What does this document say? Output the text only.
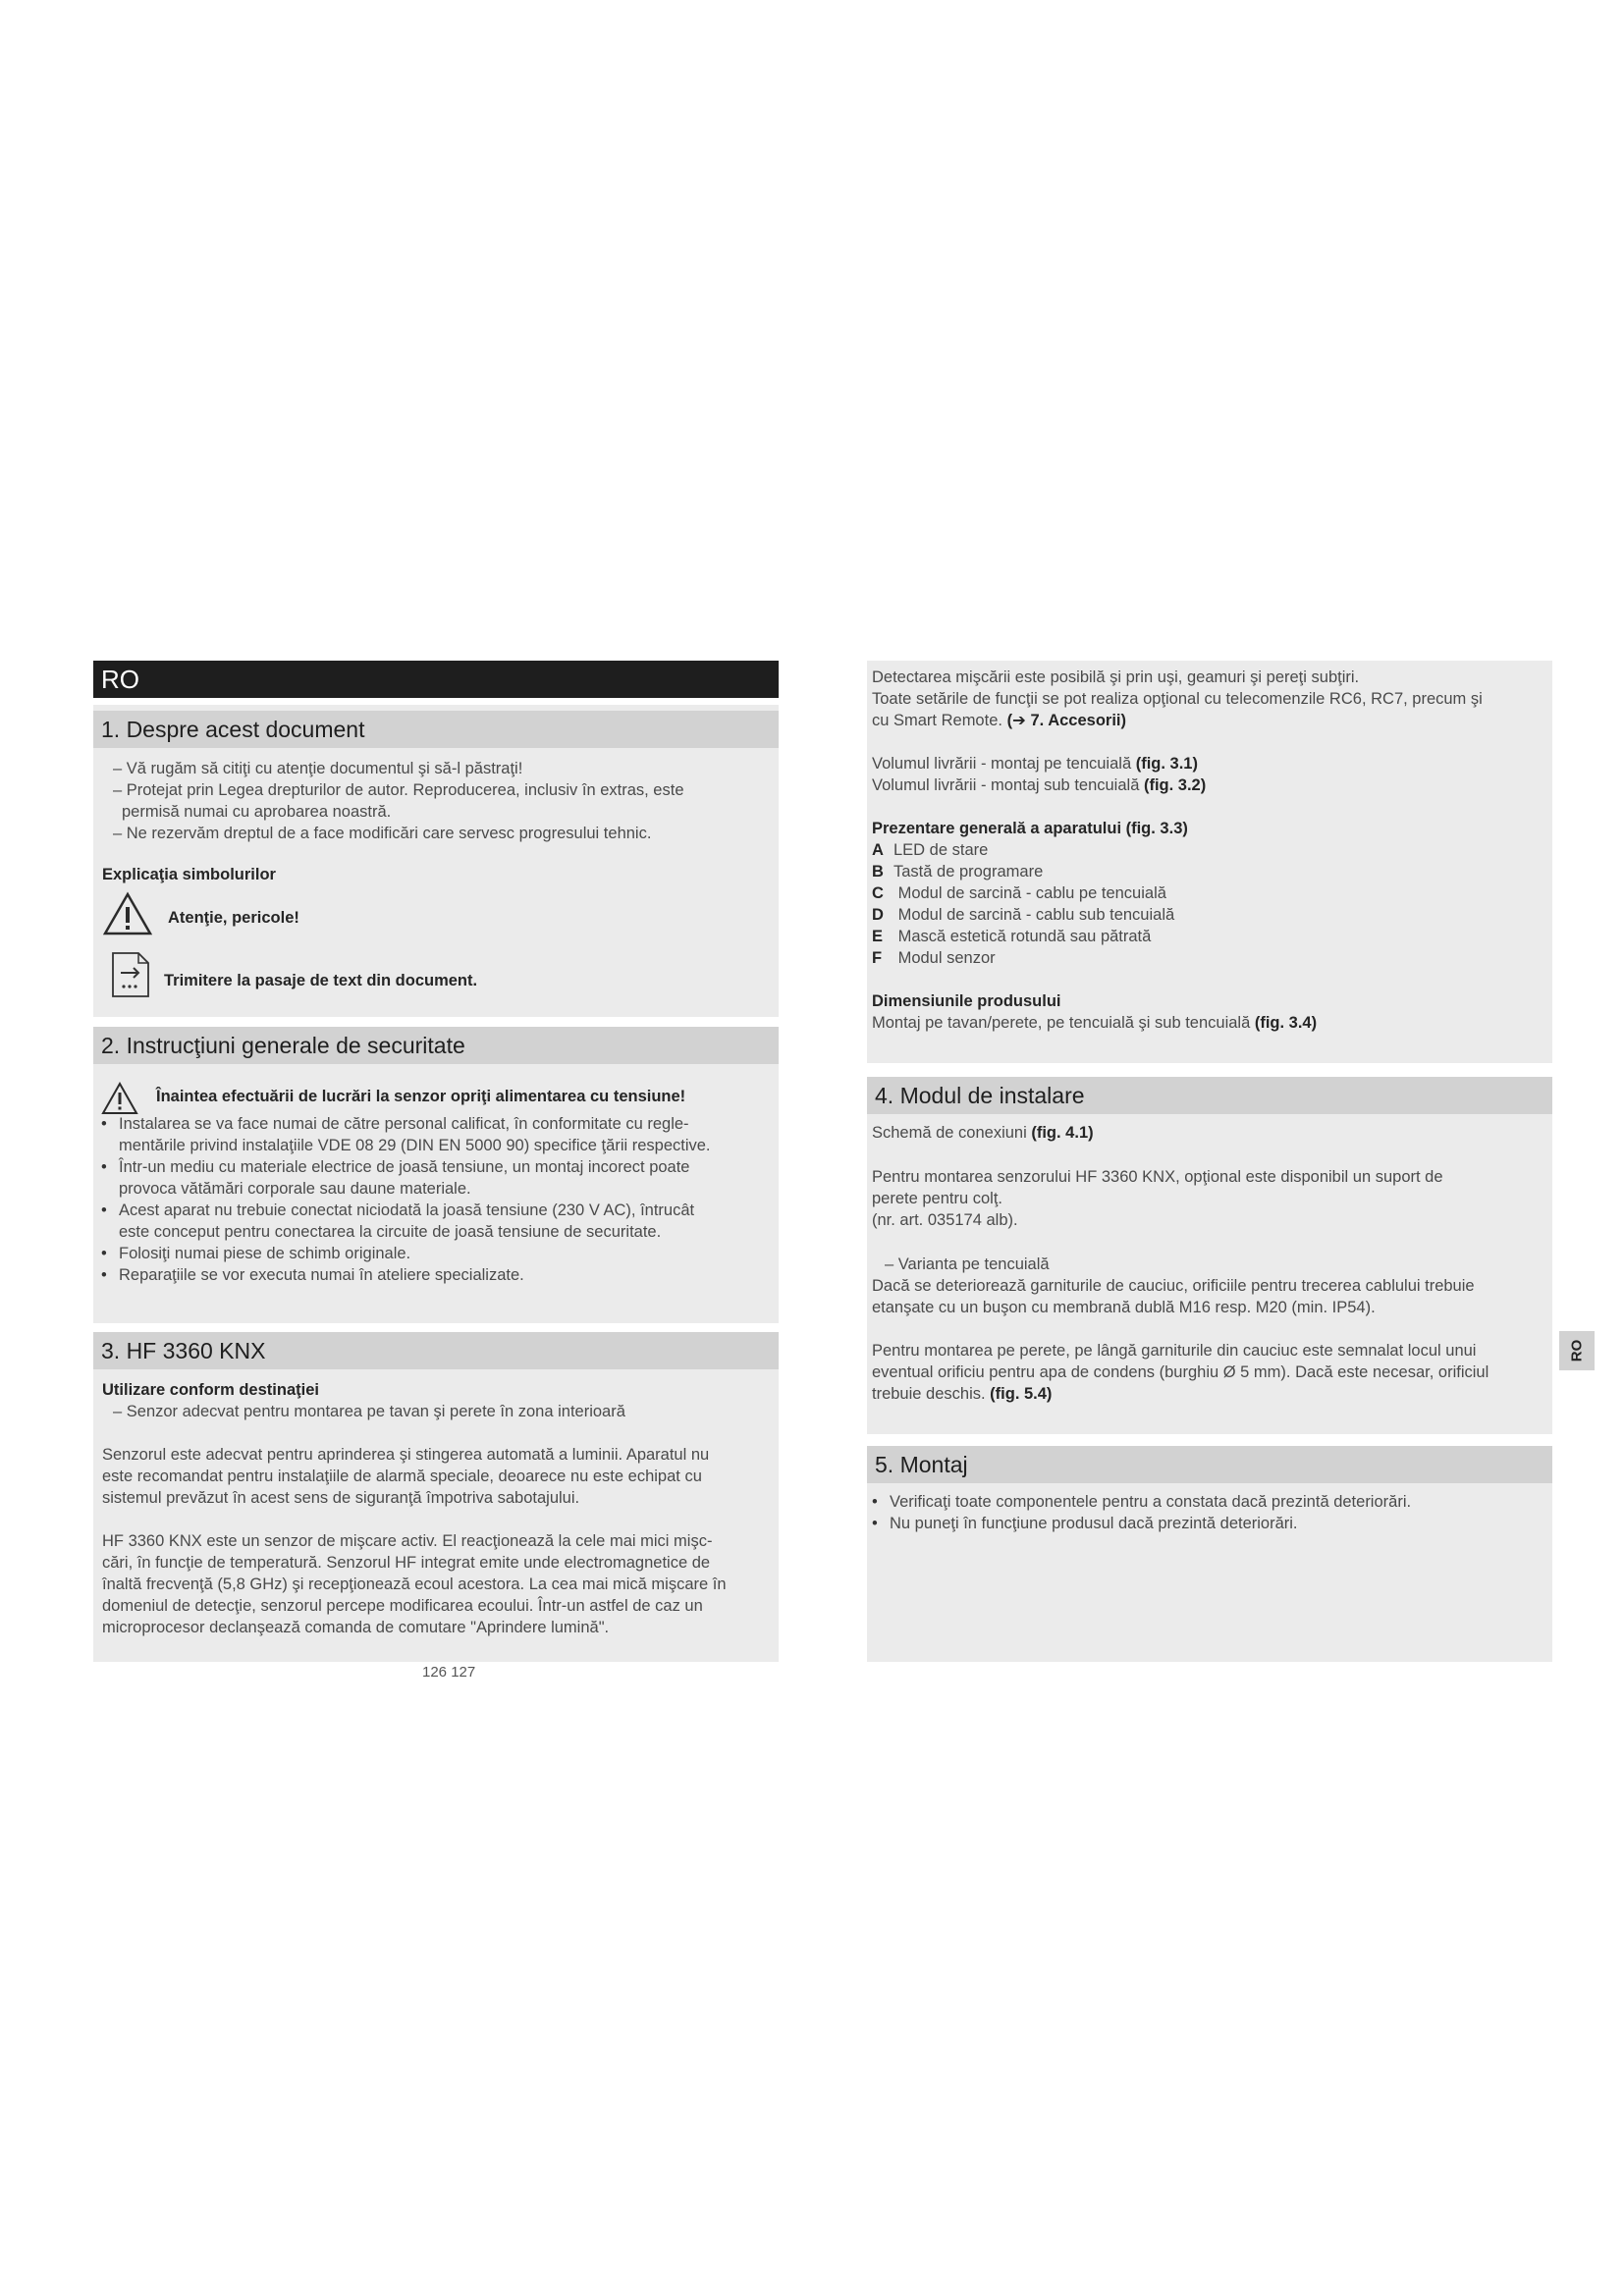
RO
1. Despre acest document
– Vă rugăm să citiţi cu atenţie documentul şi să-l păstraţi!
– Protejat prin Legea drepturilor de autor. Reproducerea, inclusiv în extras, este
permisă numai cu aprobarea noastră.
– Ne rezervăm dreptul de a face modificări care servesc progresului tehnic.
Explicaţia simbolurilor
Atenţie, pericole!
Trimitere la pasaje de text din document.
2. Instrucţiuni generale de securitate
Înaintea efectuării de lucrări la senzor opriţi alimentarea cu tensiune!
• Instalarea se va face numai de către personal calificat, în conformitate cu regle-
mentările privind instalaţiile VDE 08 29 (DIN EN 5000 90) specifice ţării respective.
• Într-un mediu cu materiale electrice de joasă tensiune, un montaj incorect poate
provoca vătămări corporale sau daune materiale.
• Acest aparat nu trebuie conectat niciodată la joasă tensiune (230 V AC), întrucât
este conceput pentru conectarea la circuite de joasă tensiune de securitate.
• Folosiţi numai piese de schimb originale.
• Reparaţiile se vor executa numai în ateliere specializate.
3. HF 3360 KNX
Utilizare conform destinaţiei
– Senzor adecvat pentru montarea pe tavan şi perete în zona interioară
Senzorul este adecvat pentru aprinderea şi stingerea automată a luminii. Aparatul nu
este recomandat pentru instalaţiile de alarmă speciale, deoarece nu este echipat cu
sistemul prevăzut în acest sens de siguranţă împotriva sabotajului.
HF 3360 KNX este un senzor de mişcare activ. El reacţionează la cele mai mici mişc-
cări, în funcţie de temperatură. Senzorul HF integrat emite unde electromagnetice de
înaltă frecvenţă (5,8 GHz) şi recepţionează ecoul acestora. La cea mai mică mişcare în
domeniul de detecţie, senzorul percepe modificarea ecoului. Într-un astfel de caz un
microprocesor declanşează comanda de comutare "Aprindere lumină".
126 127
Detectarea mişcării este posibilă şi prin uşi, geamuri şi pereţi subţiri.
Toate setările de funcţii se pot realiza opţional cu telecomenzile RC6, RC7, precum şi
cu Smart Remote. (➔ 7. Accesorii)
Volumul livrării - montaj pe tencuială (fig. 3.1)
Volumul livrării - montaj sub tencuială (fig. 3.2)
Prezentare generală a aparatului (fig. 3.3)
A LED de stare
B Tastă de programare
C Modul de sarcină - cablu pe tencuială
D Modul de sarcină - cablu sub tencuială
E Mască estetică rotundă sau pătrată
F Modul senzor
Dimensiunile produsului
Montaj pe tavan/perete, pe tencuială şi sub tencuială (fig. 3.4)
4. Modul de instalare
Schemă de conexiuni (fig. 4.1)
Pentru montarea senzorului HF 3360 KNX, opţional este disponibil un suport de
perete pentru colţ.
(nr. art. 035174 alb).
– Varianta pe tencuială
Dacă se deteriorează garniturile de cauciuc, orificiile pentru trecerea cablului trebuie
etanşate cu un buşon cu membrană dublă M16 resp. M20 (min. IP54).
Pentru montarea pe perete, pe lângă garniturile din cauciuc este semnalat locul unui
eventual orificiu pentru apa de condens (burghiu Ø 5 mm). Dacă este necesar, orificiul
trebuie deschis. (fig. 5.4)
5. Montaj
• Verificaţi toate componentele pentru a constata dacă prezintă deteriorări.
• Nu puneţi în funcţiune produsul dacă prezintă deteriorări.
RO
